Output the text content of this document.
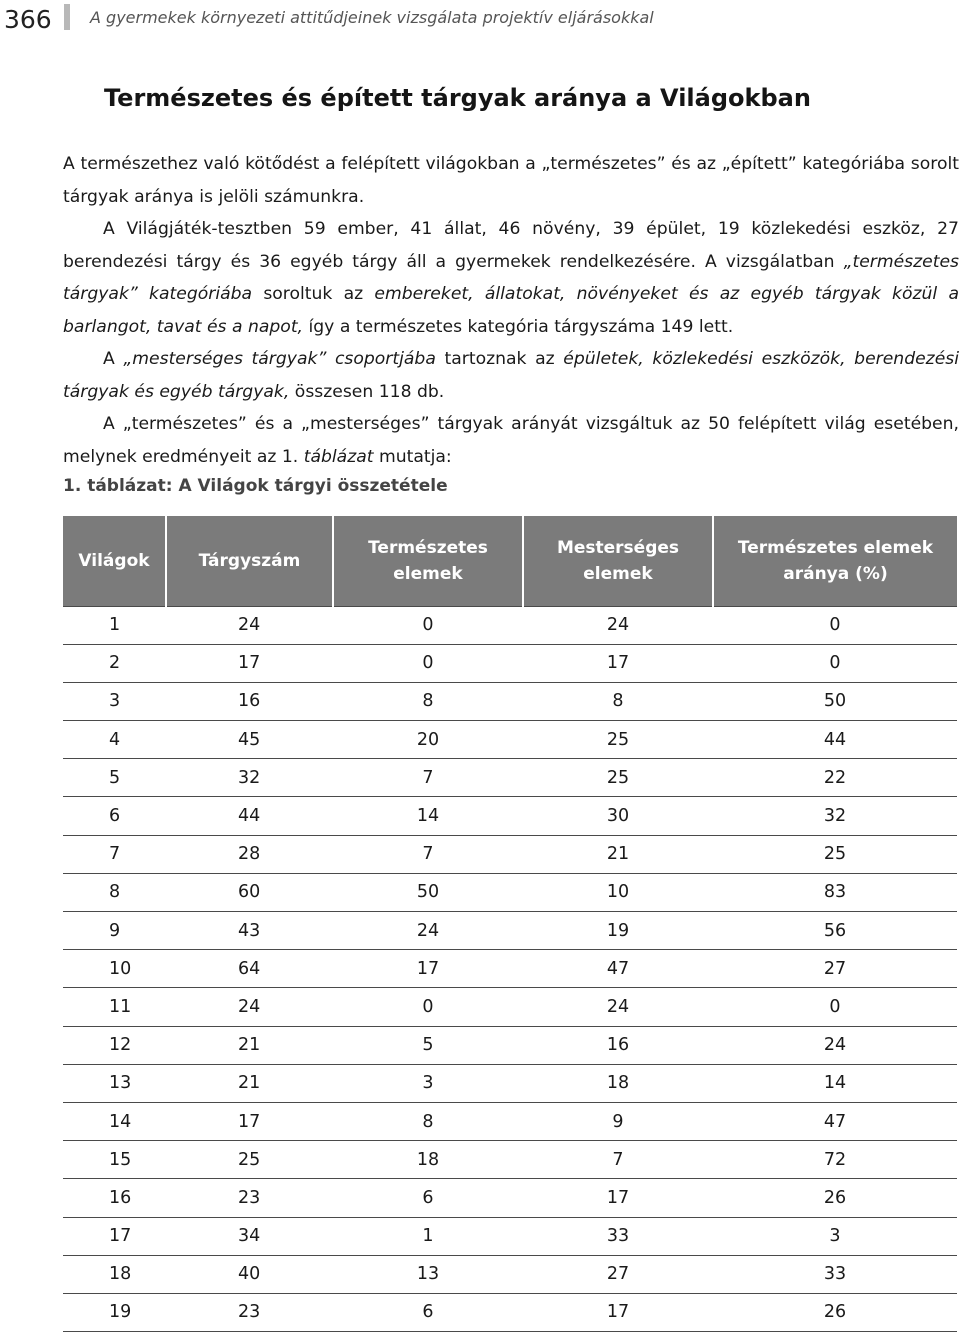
366 A gyermekek környezeti attitűdjeinek vizsgálata projektív eljárásokkal
Természetes és épített tárgyak aránya a Világokban

A természethez való kötődést a felépített világokban a „természetes” és az „épített” kategóriába sorolt tárgyak aránya is jelöli számunkra.

A Világjáték-tesztben 59 ember, 41 állat, 46 növény, 39 épület, 19 közlekedési eszköz, 27 berendezési tárgy és 36 egyéb tárgy áll a gyermekek rendelkezésére. A vizsgálatban „természetes tárgyak” kategóriába soroltuk az embereket, állatokat, növényeket és az egyéb tárgyak közül a barlangot, tavat és a napot, így a természetes kategória tárgyszáma 149 lett.

A „mesterséges tárgyak” csoportjába tartoznak az épületek, közlekedési eszközök, berendezési tárgyak és egyéb tárgyak, összesen 118 db.

A „természetes” és a „mesterséges” tárgyak arányát vizsgáltuk az 50 felépített világ esetében, melynek eredményeit az 1. táblázat mutatja:

1. táblázat: A Világok tárgyi összetétele
Világok	Tárgyszám	Természetes elemek	Mesterséges elemek	Természetes elemek aránya (%)
1	24	0	24	0
2	17	0	17	0
3	16	8	8	50
4	45	20	25	44
5	32	7	25	22
6	44	14	30	32
7	28	7	21	25
8	60	50	10	83
9	43	24	19	56
10	64	17	47	27
11	24	0	24	0
12	21	5	16	24
13	21	3	18	14
14	17	8	9	47
15	25	18	7	72
16	23	6	17	26
17	34	1	33	3
18	40	13	27	33
19	23	6	17	26
